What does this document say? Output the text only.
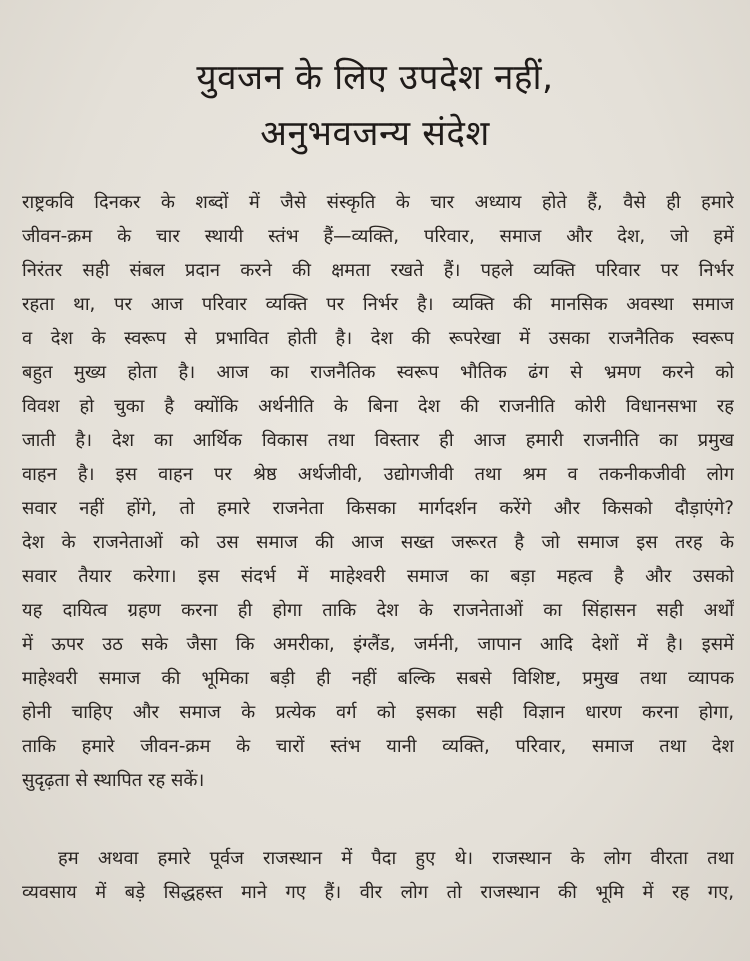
युवजन के लिए उपदेश नहीं,
अनुभवजन्य संदेश
राष्ट्रकवि दिनकर के शब्दों में जैसे संस्कृति के चार अध्याय होते हैं, वैसे ही हमारे
जीवन-क्रम के चार स्थायी स्तंभ हैं—व्यक्ति, परिवार, समाज और देश, जो हमें
निरंतर सही संबल प्रदान करने की क्षमता रखते हैं। पहले व्यक्ति परिवार पर निर्भर
रहता था, पर आज परिवार व्यक्ति पर निर्भर है। व्यक्ति की मानसिक अवस्था समाज
व देश के स्वरूप से प्रभावित होती है। देश की रूपरेखा में उसका राजनैतिक स्वरूप
बहुत मुख्य होता है। आज का राजनैतिक स्वरूप भौतिक ढंग से भ्रमण करने को
विवश हो चुका है क्योंकि अर्थनीति के बिना देश की राजनीति कोरी विधानसभा रह
जाती है। देश का आर्थिक विकास तथा विस्तार ही आज हमारी राजनीति का प्रमुख
वाहन है। इस वाहन पर श्रेष्ठ अर्थजीवी, उद्योगजीवी तथा श्रम व तकनीकजीवी लोग
सवार नहीं होंगे, तो हमारे राजनेता किसका मार्गदर्शन करेंगे और किसको दौड़ाएंगे?
देश के राजनेताओं को उस समाज की आज सख्त जरूरत है जो समाज इस तरह के
सवार तैयार करेगा। इस संदर्भ में माहेश्वरी समाज का बड़ा महत्व है और उसको
यह दायित्व ग्रहण करना ही होगा ताकि देश के राजनेताओं का सिंहासन सही अर्थों
में ऊपर उठ सके जैसा कि अमरीका, इंग्लैंड, जर्मनी, जापान आदि देशों में है। इसमें
माहेश्वरी समाज की भूमिका बड़ी ही नहीं बल्कि सबसे विशिष्ट, प्रमुख तथा व्यापक
होनी चाहिए और समाज के प्रत्येक वर्ग को इसका सही विज्ञान धारण करना होगा,
ताकि हमारे जीवन-क्रम के चारों स्तंभ यानी व्यक्ति, परिवार, समाज तथा देश
सुदृढ़ता से स्थापित रह सकें।
हम अथवा हमारे पूर्वज राजस्थान में पैदा हुए थे। राजस्थान के लोग वीरता तथा
व्यवसाय में बड़े सिद्धहस्त माने गए हैं। वीर लोग तो राजस्थान की भूमि में रह गए,
